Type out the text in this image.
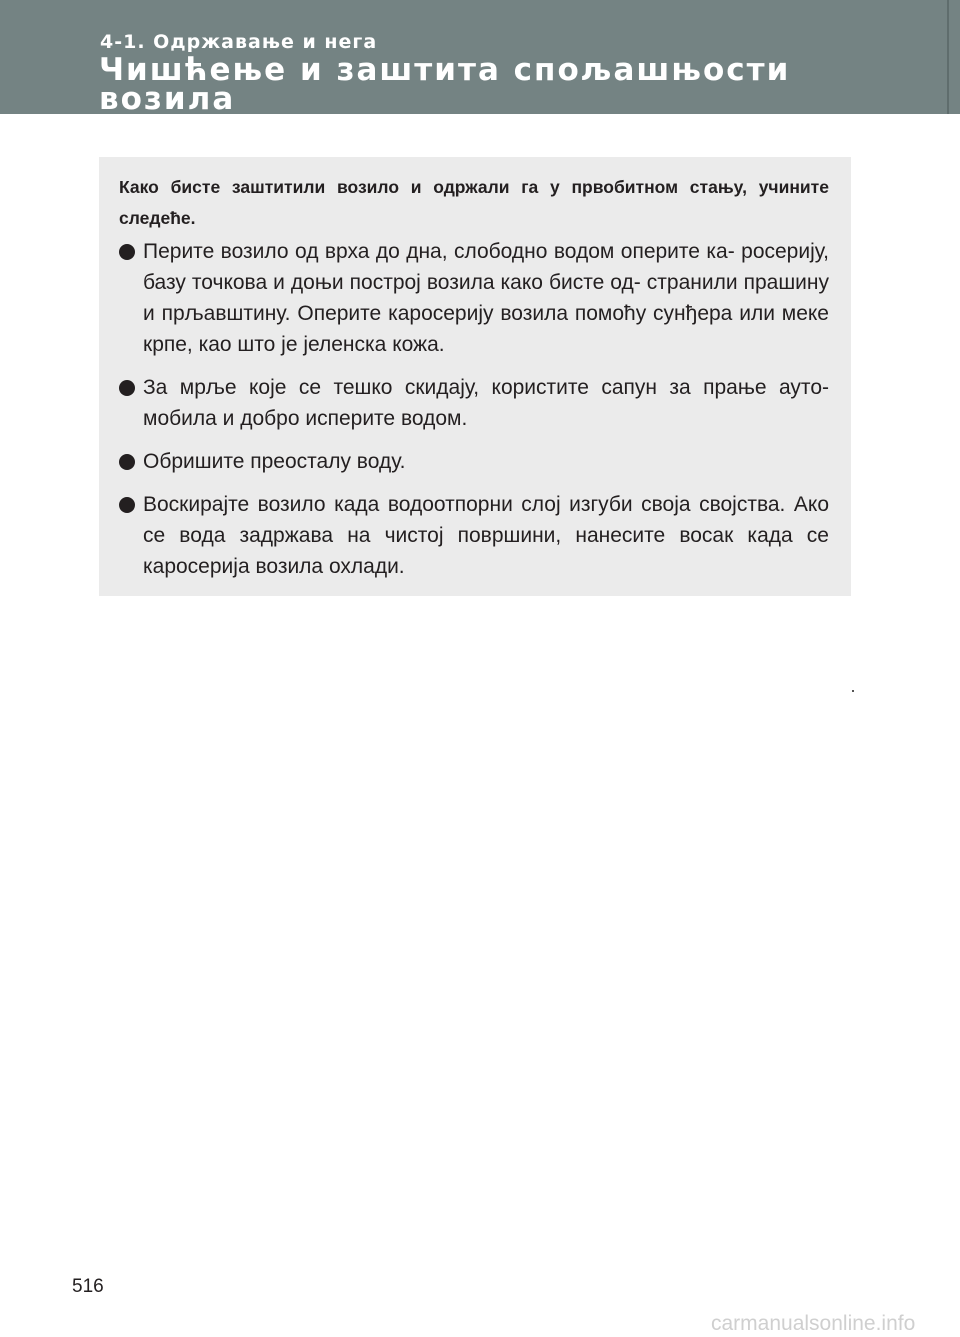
4-1. Одржавање и нега
Чишћење и заштита спољашњости возила

Како бисте заштитили возило и одржали га у првобитном стању, учините следеће.

Перите возило од врха до дна, слободно водом оперите ка- росерију, базу точкова и доњи построј возила како бисте од- странили прашину и прљавштину. Оперите каросерију возила помоћу сунђера или меке крпе, као што је јеленска кожа.
За мрље које се тешко скидају, користите сапун за прање ауто- мобила и добро исперите водом.
Обришите преосталу воду.
Воскирајте возило када водоотпорни слој изгуби своја својства. Ако се вода задржава на чистој површини, нанесите восак када се каросерија возила охлади.
516
carmanualsonline.info
